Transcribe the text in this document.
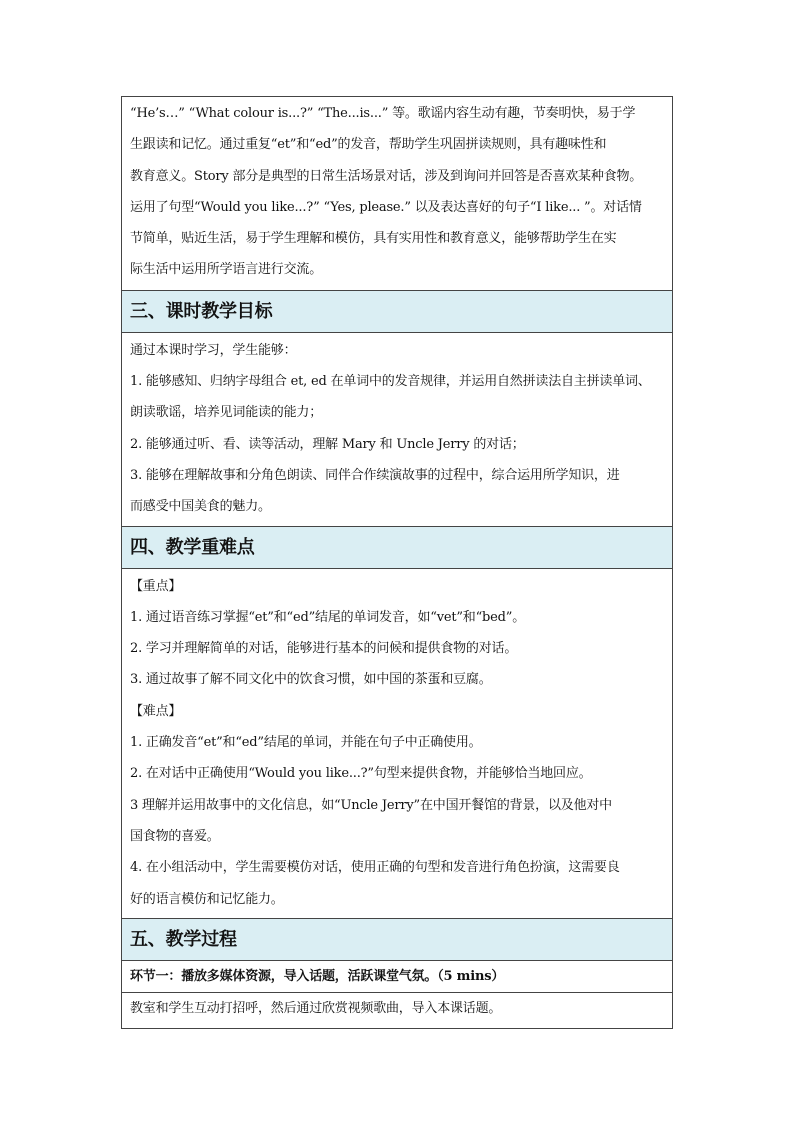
“He’s…” “What colour is...?” “The...is...” 等。歌谣内容生动有趣，节奏明快，易于学

生跟读和记忆。通过重复“et”和“ed”的发音，帮助学生巩固拼读规则，具有趣味性和

教育意义。Story 部分是典型的日常生活场景对话，涉及到询问并回答是否喜欢某种食物。

运用了句型“Would you like...?” “Yes, please.” 以及表达喜好的句子“I like... ”。对话情

节简单，贴近生活，易于学生理解和模仿，具有实用性和教育意义，能够帮助学生在实

际生活中运用所学语言进行交流。

三、课时教学目标

通过本课时学习，学生能够：

1. 能够感知、归纳字母组合 et, ed 在单词中的发音规律，并运用自然拼读法自主拼读单词、

朗读歌谣，培养见词能读的能力；

2. 能够通过听、看、读等活动，理解 Mary 和 Uncle Jerry 的对话；

3. 能够在理解故事和分角色朗读、同伴合作续演故事的过程中，综合运用所学知识，进

而感受中国美食的魅力。

四、教学重难点

【重点】

1. 通过语音练习掌握“et”和“ed”结尾的单词发音，如“vet”和“bed”。

2. 学习并理解简单的对话，能够进行基本的问候和提供食物的对话。

3. 通过故事了解不同文化中的饮食习惯，如中国的茶蛋和豆腐。

【难点】

1. 正确发音“et”和“ed”结尾的单词，并能在句子中正确使用。

2. 在对话中正确使用“Would you like...?”句型来提供食物，并能够恰当地回应。

3 理解并运用故事中的文化信息，如“Uncle Jerry”在中国开餐馆的背景，以及他对中

国食物的喜爱。

4. 在小组活动中，学生需要模仿对话，使用正确的句型和发音进行角色扮演，这需要良

好的语言模仿和记忆能力。

五、教学过程

环节一：播放多媒体资源，导入话题，活跃课堂气氛。（5 mins）

教室和学生互动打招呼，然后通过欣赏视频歌曲，导入本课话题。
